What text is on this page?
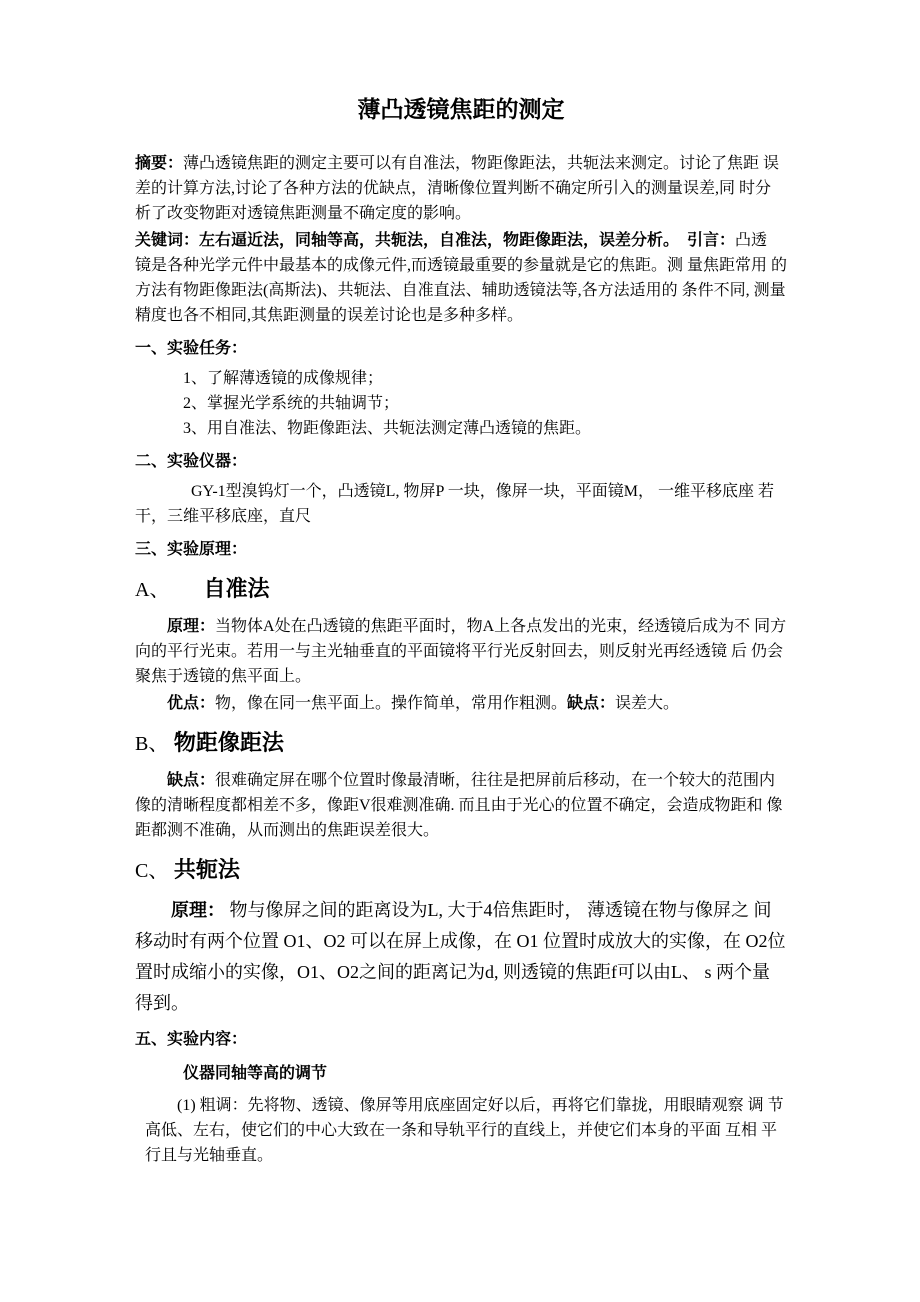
薄凸透镜焦距的测定
摘要：薄凸透镜焦距的测定主要可以有自准法，物距像距法，共轭法来测定。讨论了焦距 误 差的计算方法,讨论了各种方法的优缺点，清晰像位置判断不确定所引入的测量误差,同 时分 析了改变物距对透镜焦距测量不确定度的影响。
关键词：左右逼近法，同轴等高，共轭法，自准法，物距像距法，误差分析。　引言：凸透 镜是各种光学元件中最基本的成像元件,而透镜最重要的参量就是它的焦距。测 量焦距常用 的方法有物距像距法(高斯法)、共轭法、自准直法、辅助透镜法等,各方法适用的 条件不同, 测量精度也各不相同,其焦距测量的误差讨论也是多种多样。
一、实验任务：
1、了解薄透镜的成像规律；
2、掌握光学系统的共轴调节；
3、用自准法、物距像距法、共轭法测定薄凸透镜的焦距。
二、实验仪器：
GY-1型溴钨灯一个，凸透镜L, 物屏P 一块，像屏一块，平面镜M， 一维平移底座 若干，三维平移底座，直尺
三、实验原理：
A、　　自准法
原理：当物体A处在凸透镜的焦距平面时，物A上各点发出的光束，经透镜后成为不 同方向的平行光束。若用一与主光轴垂直的平面镜将平行光反射回去，则反射光再经透镜 后 仍会聚焦于透镜的焦平面上。
优点：物，像在同一焦平面上。操作简单，常用作粗测。缺点：误差大。
B、 物距像距法
缺点：很难确定屏在哪个位置时像最清晰，往往是把屏前后移动，在一个较大的范围内 像的清晰程度都相差不多，像距V很难测准确. 而且由于光心的位置不确定，会造成物距和 像距都测不准确，从而测出的焦距误差很大。
C、 共轭法
原理： 物与像屏之间的距离设为L, 大于4倍焦距时， 薄透镜在物与像屏之 间移动时有两个位置 O1、O2 可以在屏上成像，在 O1 位置时成放大的实像，在 O2位置时成缩小的实像，O1、O2之间的距离记为d, 则透镜的焦距f可以由L、 s 两个量得到。
五、实验内容：
仪器同轴等高的调节
(1) 粗调：先将物、透镜、像屏等用底座固定好以后，再将它们靠拢，用眼睛观察 调 节高低、左右，使它们的中心大致在一条和导轨平行的直线上，并使它们本身的平面 互相 平行且与光轴垂直。
